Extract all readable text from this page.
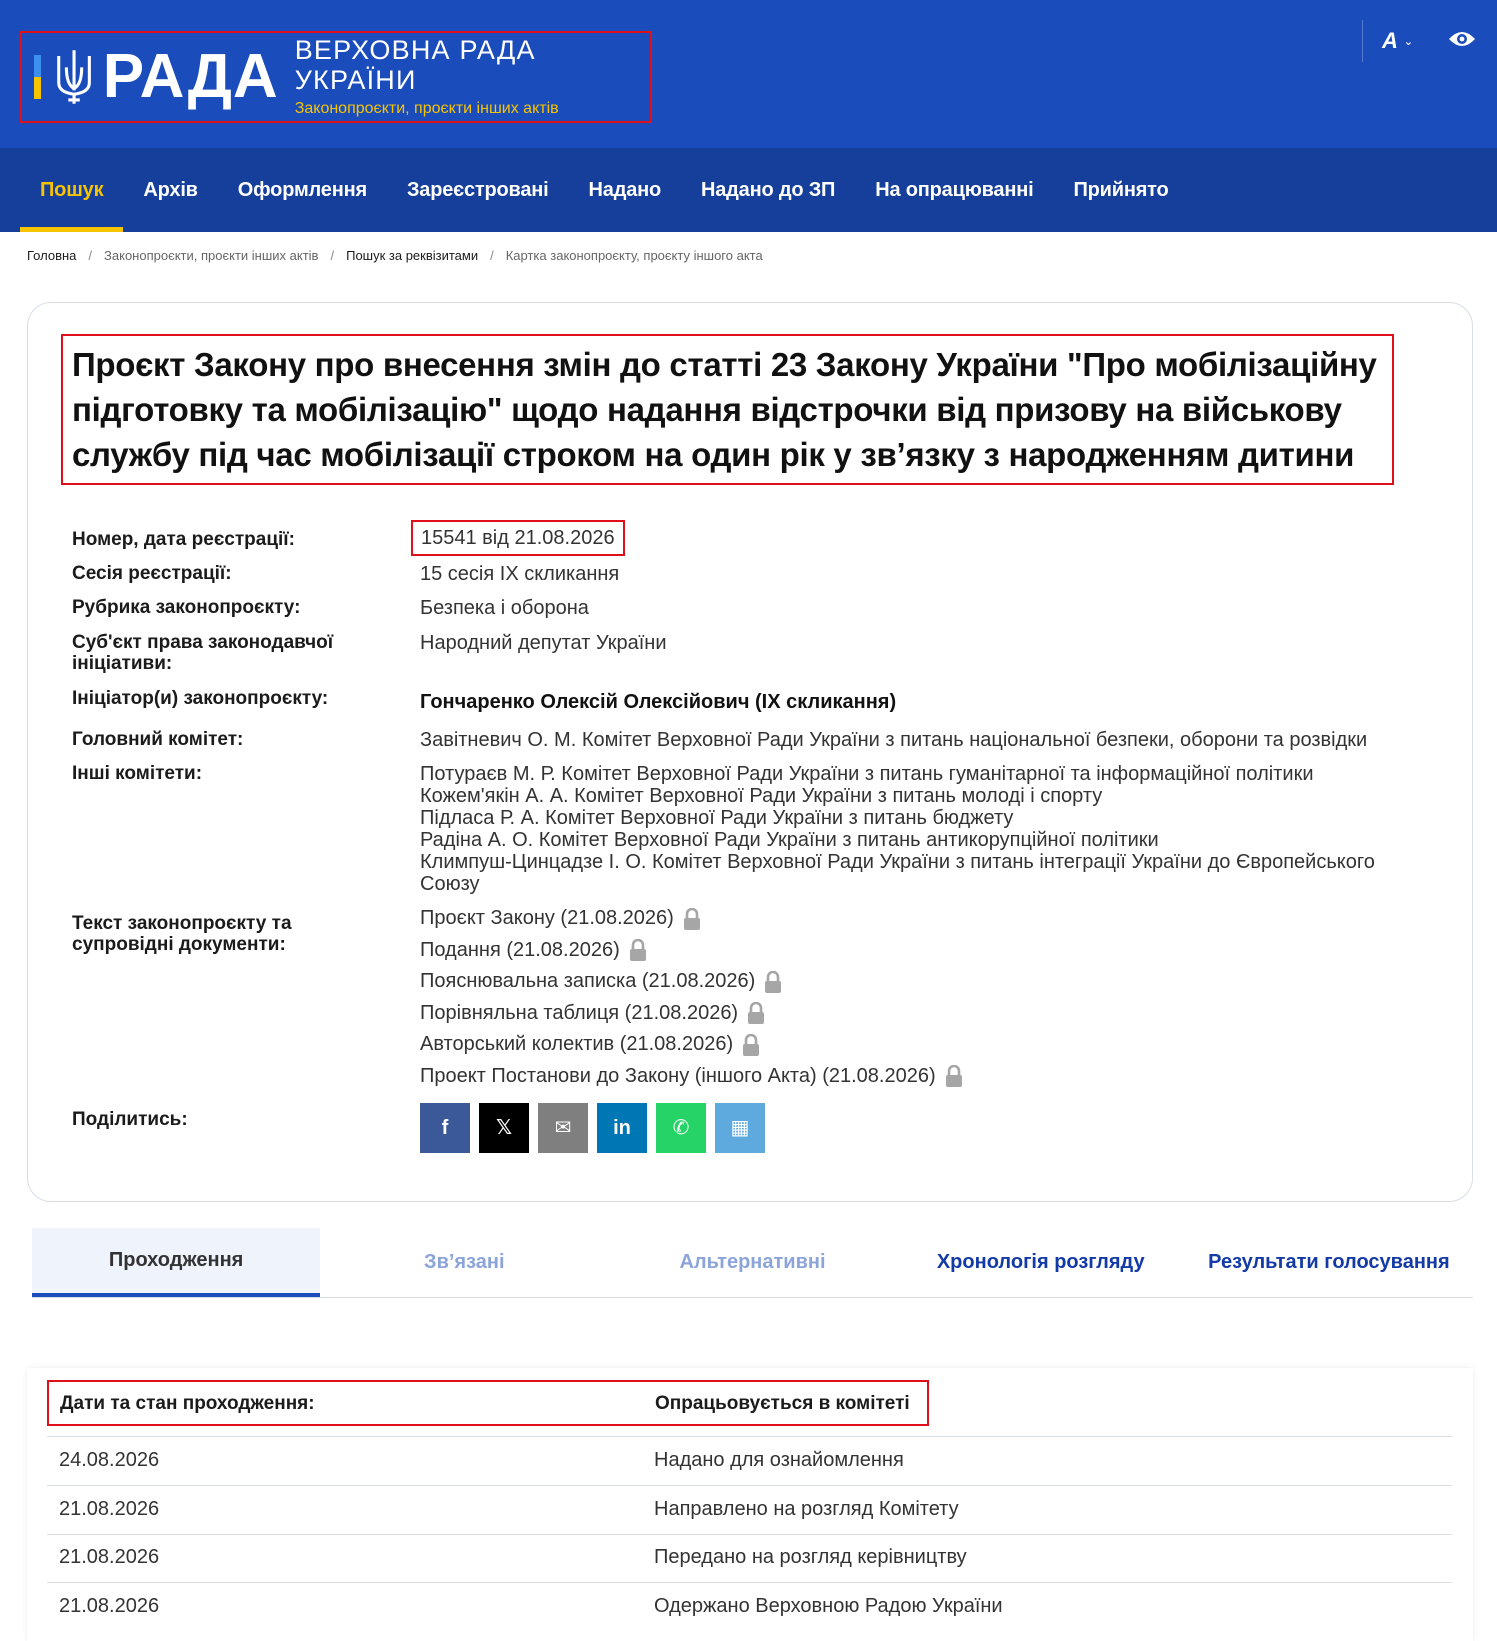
РАДА ВЕРХОВНА РАДА УКРАЇНИ
Законопроєкти, проєкти інших актів
A ⌄
Пошук	Архів	Оформлення	Зареєстровані	Надано	Надано до ЗП	На опрацюванні	Прийнято
Головна / Законопроєкти, проєкти інших актів / Пошук за реквізитами / Картка законопроєкту, проєкту іншого акта
Проєкт Закону про внесення змін до статті 23 Закону України "Про мобілізаційну підготовку та мобілізацію" щодо надання відстрочки від призову на військову службу під час мобілізації строком на один рік у зв’язку з народженням дитини
Номер, дата реєстрації:	15541 від 21.08.2026
Сесія реєстрації:	15 сесія IX скликання
Рубрика законопроєкту:	Безпека і оборона
Суб'єкт права законодавчої ініціативи:
Народний депутат України
Ініціатор(и) законопроєкту:	Гончаренко Олексій Олексійович (IX скликання)
Головний комітет:	Завітневич О. М. Комітет Верховної Ради України з питань національної безпеки, оборони та розвідки
Інші комітети:	Потураєв М. Р. Комітет Верховної Ради України з питань гуманітарної та інформаційної політики
Кожем'якін А. А. Комітет Верховної Ради України з питань молоді і спорту
Підласа Р. А. Комітет Верховної Ради України з питань бюджету
Радіна А. О. Комітет Верховної Ради України з питань антикорупційної політики
Климпуш-Цинцадзе І. О. Комітет Верховної Ради України з питань інтеграції України до Європейського Союзу
Текст законопроєкту та супровідні документи:
Проєкт Закону (21.08.2026)
Подання (21.08.2026)
Пояснювальна записка (21.08.2026)
Порівняльна таблиця (21.08.2026)
Авторський колектив (21.08.2026)
Проект Постанови до Закону (іншого Акта) (21.08.2026)
Поділитись:	f 𝕏 ✉ in ✆ ▦
Проходження	Зв’язані	Альтернативні	Хронологія розгляду	Результати голосування
Дати та стан проходження:	Опрацьовується в комітеті
24.08.2026	Надано для ознайомлення
21.08.2026	Направлено на розгляд Комітету
21.08.2026	Передано на розгляд керівництву
21.08.2026	Одержано Верховною Радою України
